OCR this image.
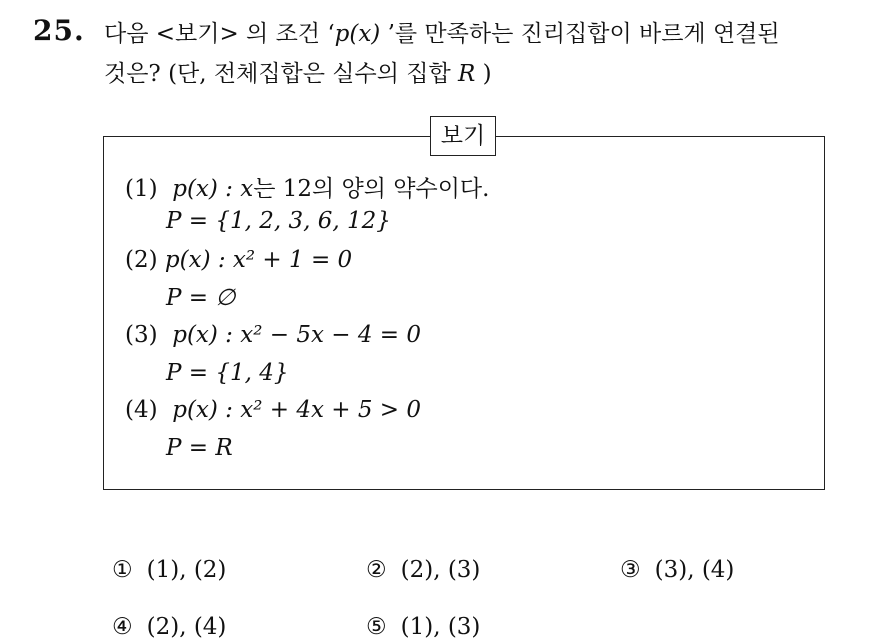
25. 다음 <보기> 의 조건 ‘p(x) ’를 만족하는 진리집합이 바르게 연결된
것은? (단, 전체집합은 실수의 집합 R )
보기
(1) p(x) : x는 12의 양의 약수이다.
P = {1, 2, 3, 6, 12}
(2) p(x) : x² + 1 = 0
P = ∅
(3) p(x) : x² − 5x − 4 = 0
P = {1, 4}
(4) p(x) : x² + 4x + 5 > 0
P = R
① (1), (2)	② (2), (3)	③ (3), (4)
④ (2), (4)	⑤ (1), (3)
